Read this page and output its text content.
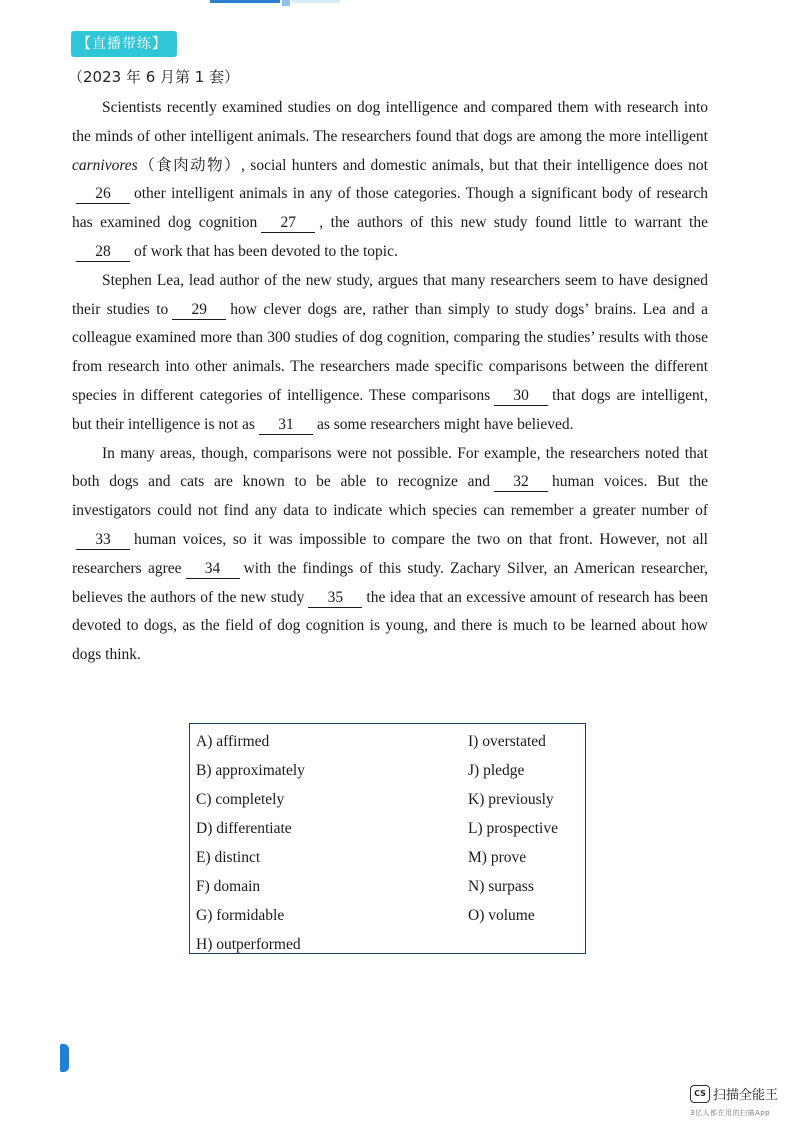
【直播带练】
（2023 年 6 月第 1 套）

Scientists recently examined studies on dog intelligence and compared them with research into the minds of other intelligent animals. The researchers found that dogs are among the more intelligent carnivores（食肉动物）, social hunters and domestic animals, but that their intelligence does not26 other intelligent animals in any of those categories. Though a significant body of research has examined dog cognition 27 , the authors of this new study found little to warrant the28 of work that has been devoted to the topic.

Stephen Lea, lead author of the new study, argues that many researchers seem to have designed their studies to 29 how clever dogs are, rather than simply to study dogs’ brains. Lea and a colleague examined more than 300 studies of dog cognition, comparing the studies’ results with those from research into other animals. The researchers made specific comparisons between the different species in different categories of intelligence. These comparisons 30 that dogs are intelligent, but their intelligence is not as 31 as some researchers might have believed.

In many areas, though, comparisons were not possible. For example, the researchers noted that both dogs and cats are known to be able to recognize and 32 human voices. But the investigators could not find any data to indicate which species can remember a greater number of33 human voices, so it was impossible to compare the two on that front. However, not all researchers agree 34 with the findings of this study. Zachary Silver, an American researcher, believes the authors of the new study 35 the idea that an excessive amount of research has been devoted to dogs, as the field of dog cognition is young, and there is much to be learned about how dogs think.

A) affirmed
B) approximately
C) completely
D) differentiate
E) distinct
F) domain
G) formidable
H) outperformed
I) overstated
J) pledge
K) previously
L) prospective
M) prove
N) surpass
O) volume
CS 扫描全能王
3亿人都在用的扫描App
